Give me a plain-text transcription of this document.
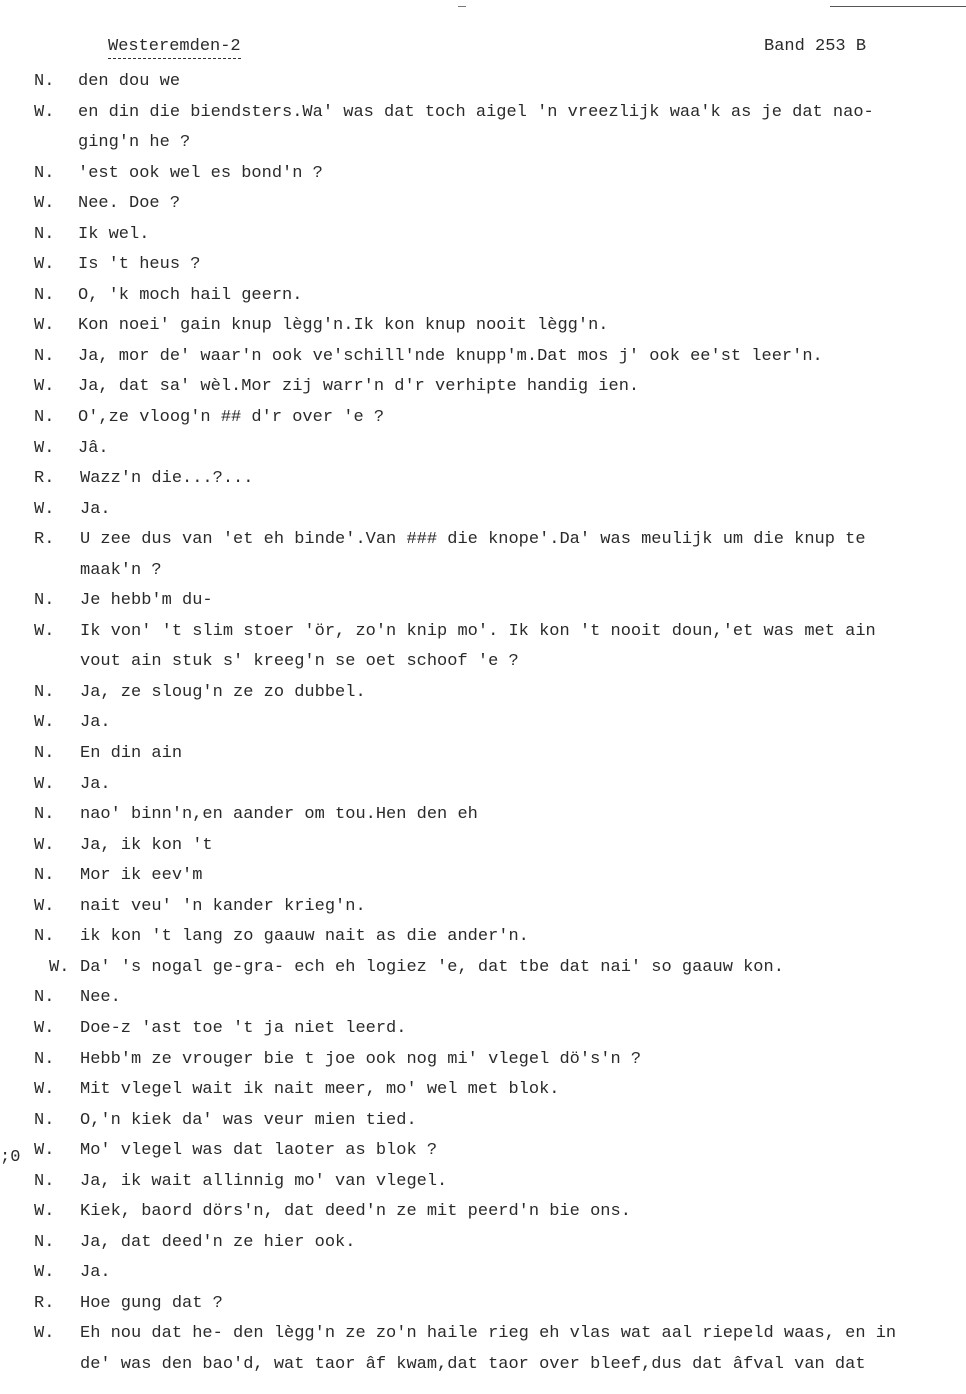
Westeremden-2	Band 253 B
;0
N. den dou we
W. en din die biendsters.Wa' was dat toch aigel 'n vreezlijk waa'k as je dat nao-
ging'n he ?
N. 'est ook wel es bond'n ?
W. Nee. Doe ?
N. Ik wel.
W. Is 't heus ?
N. O, 'k moch hail geern.
W. Kon noei' gain knup lègg'n.Ik kon knup nooit lègg'n.
N. Ja, mor de' waar'n ook ve'schill'nde knupp'm.Dat mos j' ook ee'st leer'n.
W. Ja, dat sa' wèl.Mor zij warr'n d'r verhipte handig ien.
N. O',ze vloog'n ## d'r over 'e ?
W. Jâ.
R. Wazz'n die...?...
W. Ja.
R. U zee dus van 'et eh binde'.Van ### die knope'.Da' was meulijk um die knup te
maak'n ?
N. Je hebb'm du-
W. Ik von' 't slim stoer 'ör, zo'n knip mo'. Ik kon 't nooit doun,'et was met ain
vout ain stuk s' kreeg'n se oet schoof 'e ?
N. Ja, ze sloug'n ze zo dubbel.
W. Ja.
N. En din ain
W. Ja.
N. nao' binn'n,en aander om tou.Hen den eh
W. Ja, ik kon 't
N. Mor ik eev'm
W. nait veu' 'n kander krieg'n.
N. ik kon 't lang zo gaauw nait as die ander'n.
W. Da' 's nogal ge-gra- ech eh logiez 'e, dat tbe dat nai' so gaauw kon.
N. Nee.
W. Doe-z 'ast toe 't ja niet leerd.
N. Hebb'm ze vrouger bie t joe ook nog mi' vlegel dö's'n ?
W. Mit vlegel wait ik nait meer, mo' wel met blok.
N. O,'n kiek da' was veur mien tied.
W. Mo' vlegel was dat laoter as blok ?
N. Ja, ik wait allinnig mo' van vlegel.
W. Kiek, baord dörs'n, dat deed'n ze mit peerd'n bie ons.
N. Ja, dat deed'n ze hier ook.
W. Ja.
R. Hoe gung dat ?
W. Eh nou dat he- den lègg'n ze zo'n haile rieg eh vlas wat aal riepeld waas, en in
de' was den bao'd, wat taor âf kwam,dat taor over bleef,dus dat âfval van dat
